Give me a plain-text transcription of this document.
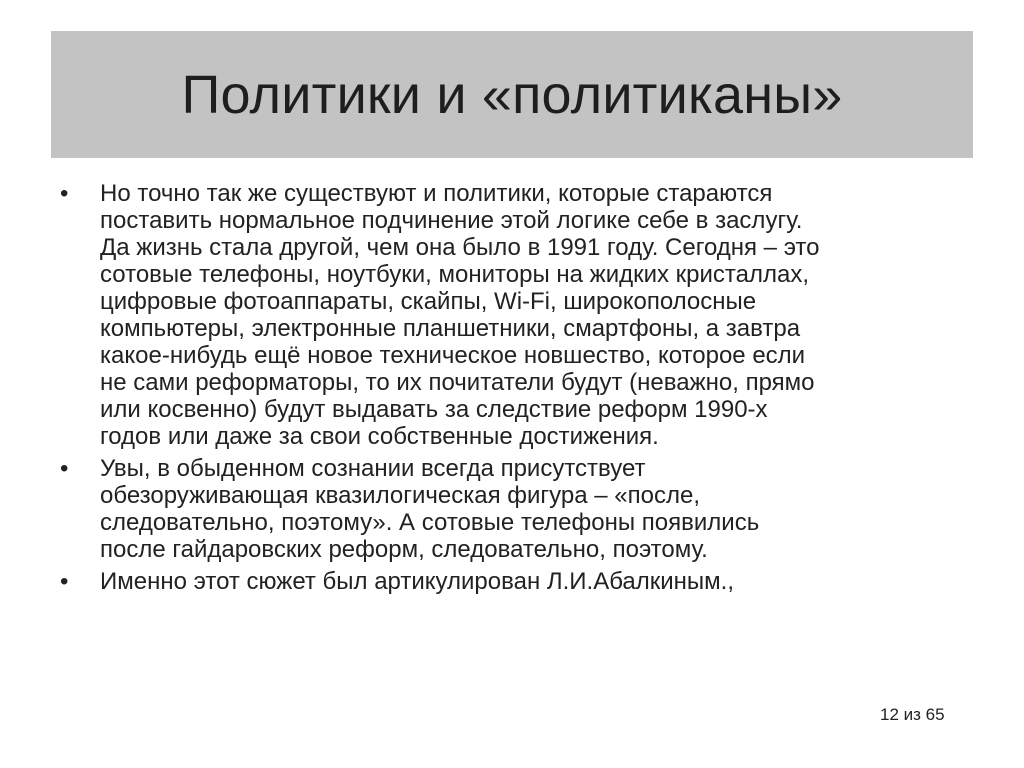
Политики и «политиканы»
• Но точно так же существуют и политики, которые стараются
поставить нормальное подчинение этой логике себе в заслугу.
Да жизнь стала другой, чем она было в 1991 году. Сегодня – это
сотовые телефоны, ноутбуки, мониторы на жидких кристаллах,
цифровые фотоаппараты, скайпы, Wi-Fi, широкополосные
компьютеры, электронные планшетники, смартфоны, а завтра
какое-нибудь ещё новое техническое новшество, которое если
не сами реформаторы, то их почитатели будут (неважно, прямо
или косвенно) будут выдавать за следствие реформ 1990-х
годов или даже за свои собственные достижения.
• Увы, в обыденном сознании всегда присутствует
обезоруживающая квазилогическая фигура – «после,
следовательно, поэтому». А сотовые телефоны появились
после гайдаровских реформ, следовательно, поэтому.
• Именно этот сюжет был артикулирован Л.И.Абалкиным.,
12 из 65
